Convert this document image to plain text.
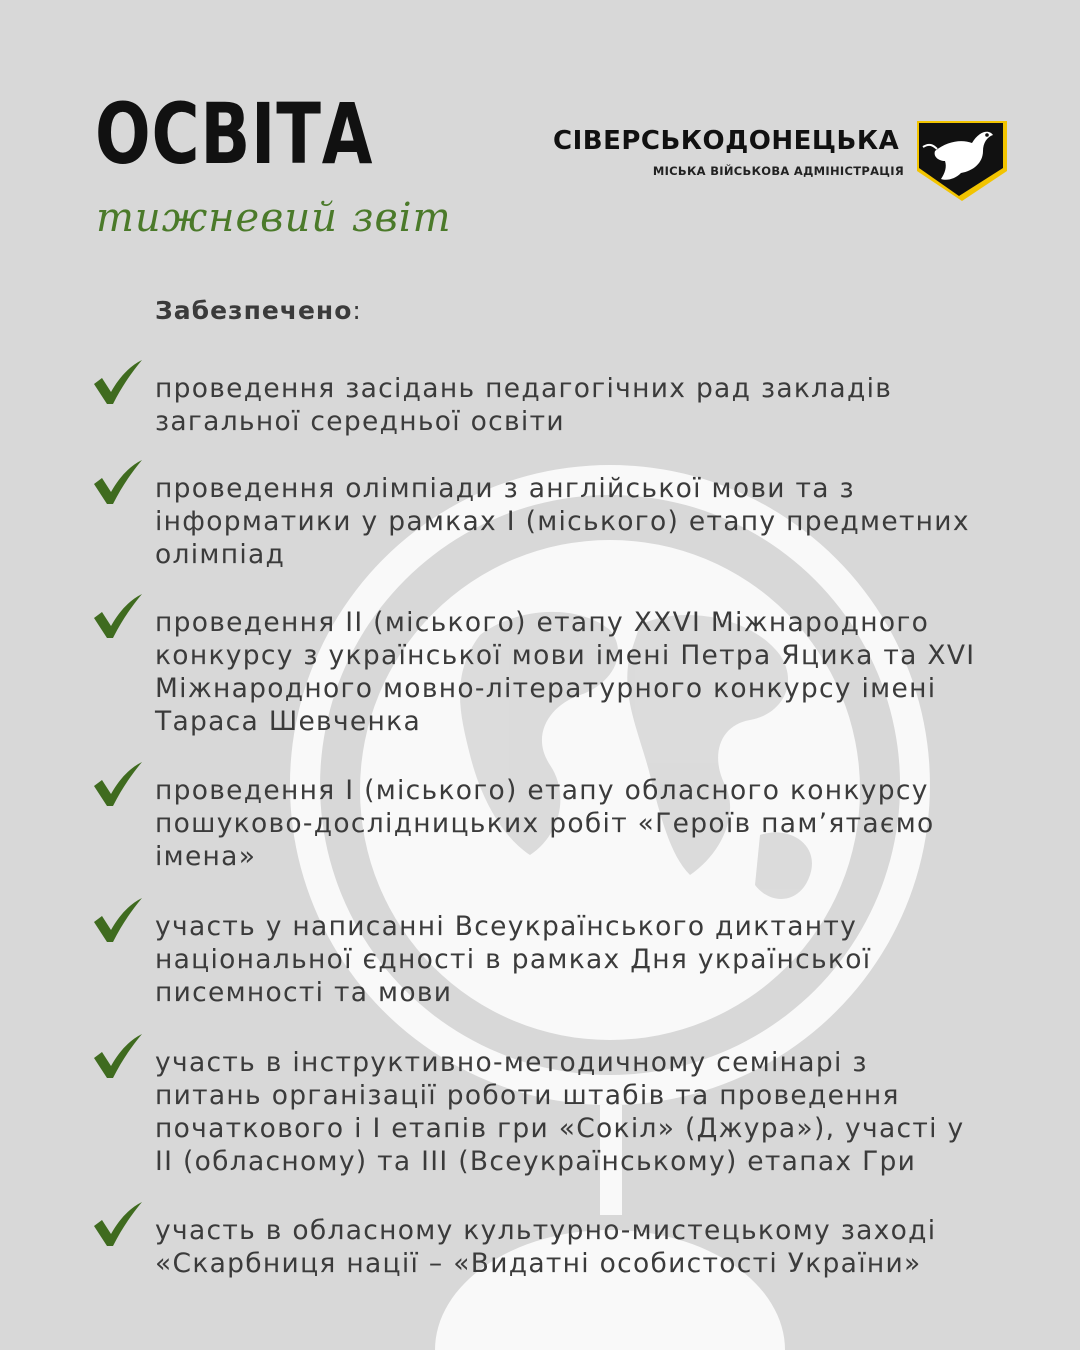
ОСВІТА
тижневий звіт
СІВЕРСЬКОДОНЕЦЬКА
МІСЬКА ВІЙСЬКОВА АДМІНІСТРАЦІЯ
Забезпечено:
проведення засідань педагогічних рад закладів
загальної середньої освіти
проведення олімпіади з англійської мови та з
інформатики у рамках І (міського) етапу предметних
олімпіад
проведення ІІ (міського) етапу XXVI Міжнародного
конкурсу з української мови імені Петра Яцика та XVI
Міжнародного мовно-літературного конкурсу імені
Тараса Шевченка
проведення І (міського) етапу обласного конкурсу
пошуково-дослідницьких робіт «Героїв пам’ятаємо
імена»
участь у написанні Всеукраїнського диктанту
національної єдності в рамках Дня української
писемності та мови
участь в інструктивно-методичному семінарі з
питань організації роботи штабів та проведення
початкового і І етапів гри «Сокіл» (Джура»), участі у
ІІ (обласному) та ІІІ (Всеукраїнському) етапах Гри
участь в обласному культурно-мистецькому заході
«Скарбниця нації – «Видатні особистості України»
